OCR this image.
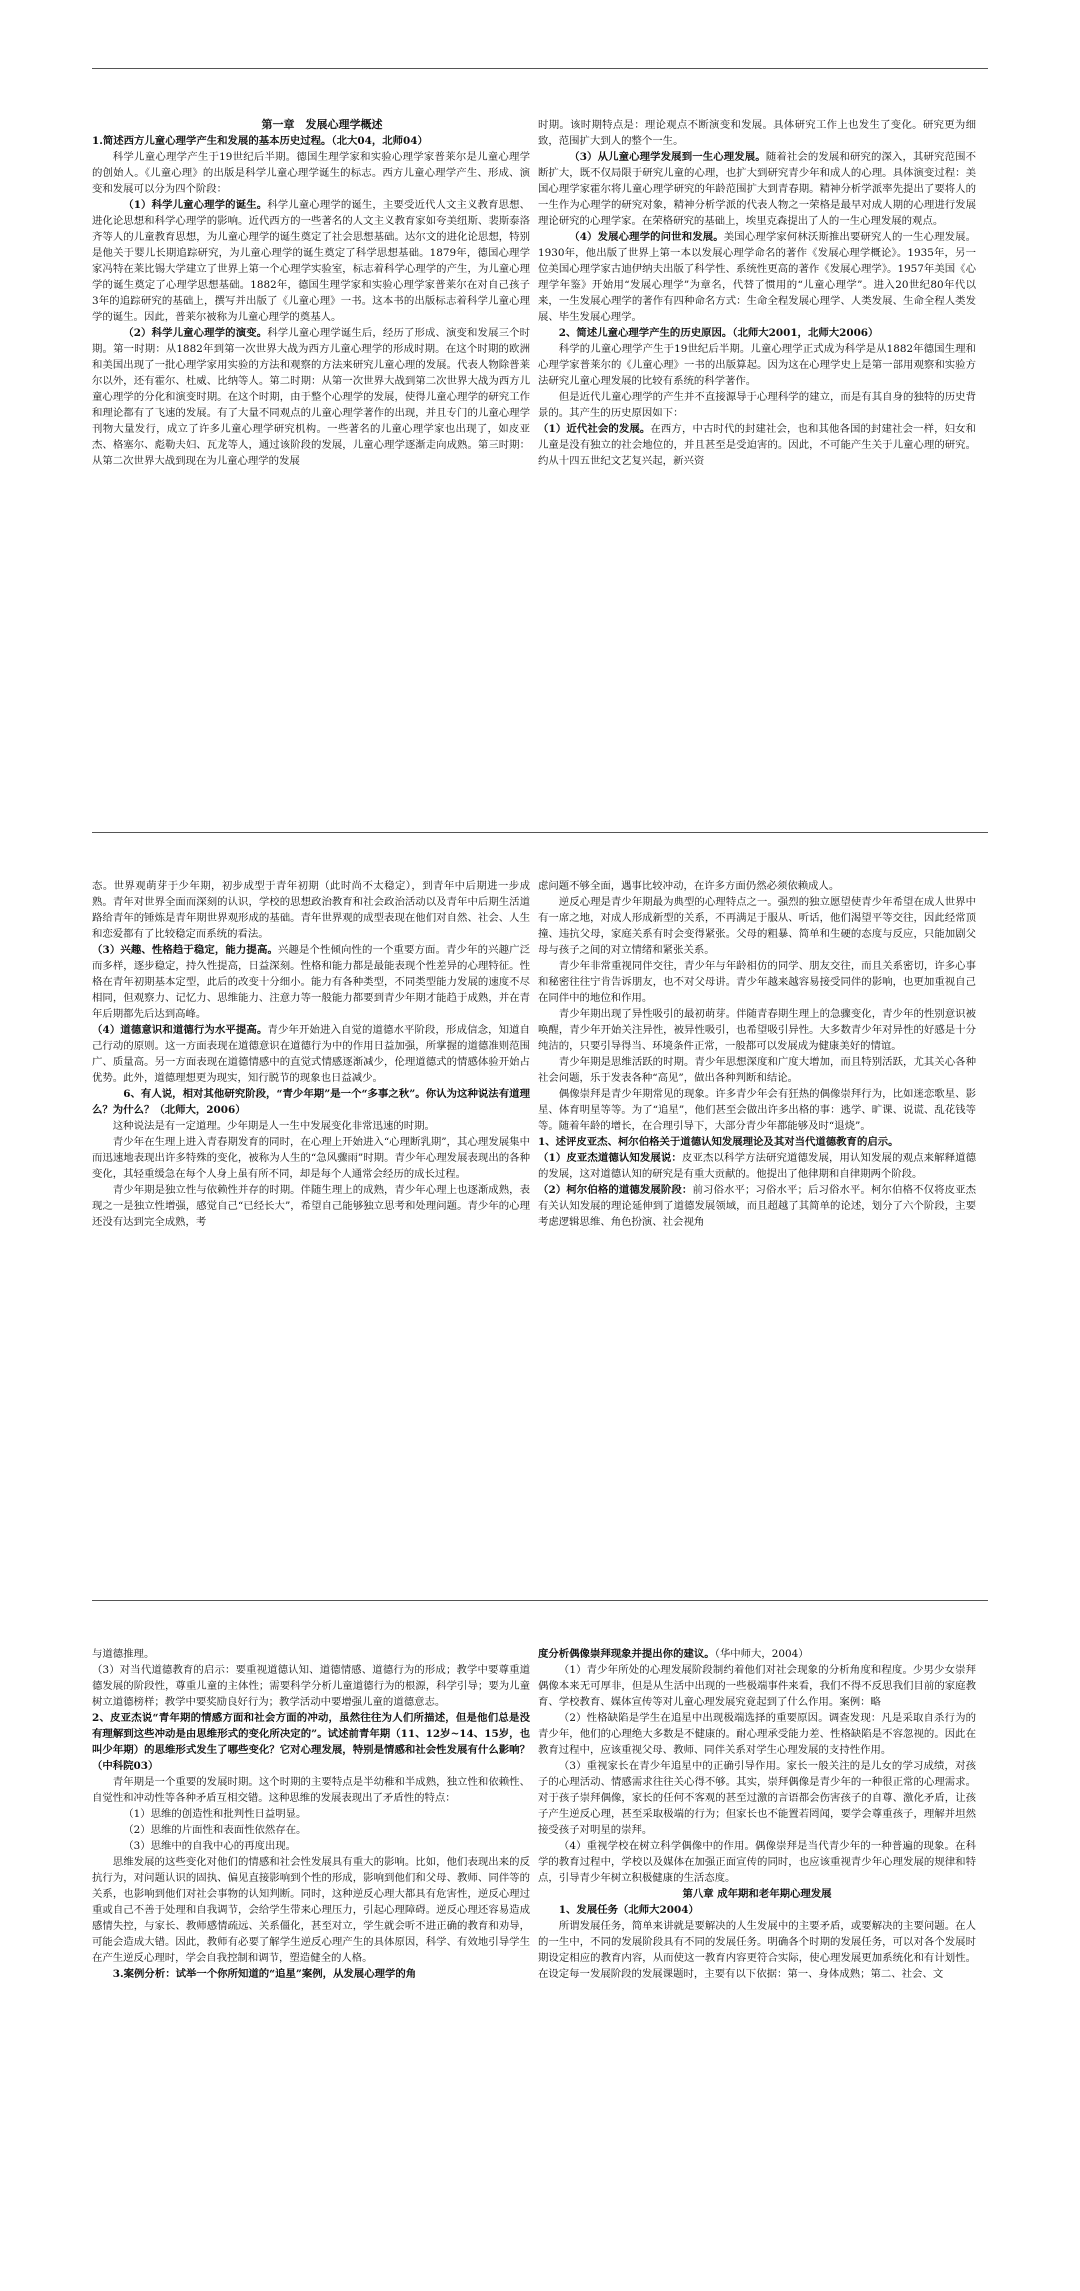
第一章　发展心理学概述

1.简述西方儿童心理学产生和发展的基本历史过程。（北大04，北师04）

科学儿童心理学产生于19世纪后半期。德国生理学家和实验心理学家普莱尔是儿童心理学的创始人。《儿童心理》的出版是科学儿童心理学诞生的标志。西方儿童心理学产生、形成、演变和发展可以分为四个阶段：

（1）科学儿童心理学的诞生。科学儿童心理学的诞生，主要受近代人文主义教育思想、进化论思想和科学心理学的影响。近代西方的一些著名的人文主义教育家如夸美纽斯、裴斯泰洛齐等人的儿童教育思想，为儿童心理学的诞生奠定了社会思想基础。达尔文的进化论思想，特别是他关于婴儿长期追踪研究，为儿童心理学的诞生奠定了科学思想基础。1879年，德国心理学家冯特在莱比锡大学建立了世界上第一个心理学实验室，标志着科学心理学的产生，为儿童心理学的诞生奠定了心理学思想基础。1882年，德国生理学家和实验心理学家普莱尔在对自己孩子3年的追踪研究的基础上，撰写并出版了《儿童心理》一书。这本书的出版标志着科学儿童心理学的诞生。因此，普莱尔被称为儿童心理学的奠基人。

（2）科学儿童心理学的演变。科学儿童心理学诞生后，经历了形成、演变和发展三个时期。第一时期：从1882年到第一次世界大战为西方儿童心理学的形成时期。在这个时期的欧洲和美国出现了一批心理学家用实验的方法和观察的方法来研究儿童心理的发展。代表人物除普莱尔以外，还有霍尔、杜威、比纳等人。第二时期：从第一次世界大战到第二次世界大战为西方儿童心理学的分化和演变时期。在这个时期，由于整个心理学的发展，使得儿童心理学的研究工作和理论都有了飞速的发展。有了大量不同观点的儿童心理学著作的出现，并且专门的儿童心理学刊物大量发行，成立了许多儿童心理学研究机构。一些著名的儿童心理学家也出现了，如皮亚杰、格塞尔、彪勒夫妇、瓦龙等人，通过该阶段的发展，儿童心理学逐渐走向成熟。第三时期：从第二次世界大战到现在为儿童心理学的发展

时期。该时期特点是：理论观点不断演变和发展。具体研究工作上也发生了变化。研究更为细致，范围扩大到人的整个一生。

（3）从儿童心理学发展到一生心理发展。随着社会的发展和研究的深入，其研究范围不断扩大，既不仅局限于研究儿童的心理，也扩大到研究青少年和成人的心理。具体演变过程：美国心理学家霍尔将儿童心理学研究的年龄范围扩大到青春期。精神分析学派率先提出了要将人的一生作为心理学的研究对象，精神分析学派的代表人物之一荣格是最早对成人期的心理进行发展理论研究的心理学家。在荣格研究的基础上，埃里克森提出了人的一生心理发展的观点。

（4）发展心理学的问世和发展。美国心理学家何林沃斯推出要研究人的一生心理发展。1930年，他出版了世界上第一本以发展心理学命名的著作《发展心理学概论》。1935年，另一位美国心理学家古迪伊纳夫出版了科学性、系统性更高的著作《发展心理学》。1957年美国《心理学年鉴》开始用“发展心理学”为章名，代替了惯用的“儿童心理学”。进入20世纪80年代以来，一生发展心理学的著作有四种命名方式：生命全程发展心理学、人类发展、生命全程人类发展、毕生发展心理学。

2、简述儿童心理学产生的历史原因。（北师大2001，北师大2006）

科学的儿童心理学产生于19世纪后半期。儿童心理学正式成为科学是从1882年德国生理和心理学家普莱尔的《儿童心理》一书的出版算起。因为这在心理学史上是第一部用观察和实验方法研究儿童心理发展的比较有系统的科学著作。

但是近代儿童心理学的产生并不直接源导于心理科学的建立，而是有其自身的独特的历史背景的。其产生的历史原因如下：

（1）近代社会的发展。在西方，中古时代的封建社会，也和其他各国的封建社会一样，妇女和儿童是没有独立的社会地位的，并且甚至是受迫害的。因此，不可能产生关于儿童心理的研究。约从十四五世纪文艺复兴起，新兴资

态。世界观萌芽于少年期，初步成型于青年初期（此时尚不太稳定），到青年中后期进一步成熟。青年对世界全面而深刻的认识，学校的思想政治教育和社会政治活动以及青年中后期生活道路给青年的锤炼是青年期世界观形成的基础。青年世界观的成型表现在他们对自然、社会、人生和恋爱都有了比较稳定而系统的看法。

（3）兴趣、性格趋于稳定，能力提高。兴趣是个性倾向性的一个重要方面。青少年的兴趣广泛而多样，逐步稳定，持久性提高，日益深刻。性格和能力都是最能表现个性差异的心理特征。性格在青年初期基本定型，此后的改变十分细小。能力有各种类型，不同类型能力发展的速度不尽相同，但观察力、记忆力、思维能力、注意力等一般能力都要到青少年期才能趋于成熟，并在青年后期都先后达到高峰。

（4）道德意识和道德行为水平提高。青少年开始进入自觉的道德水平阶段，形成信念，知道自己行动的原则。这一方面表现在道德意识在道德行为中的作用日益加强，所掌握的道德准则范围广、质量高。另一方面表现在道德情感中的直觉式情感逐渐减少，伦理道德式的情感体验开始占优势。此外，道德理想更为现实，知行脱节的现象也日益减少。

6、有人说，相对其他研究阶段，“青少年期”是一个“多事之秋”。你认为这种说法有道理么？为什么？（北师大，2006）

这种说法是有一定道理。少年期是人一生中发展变化非常迅速的时期。

青少年在生理上进入青春期发育的同时，在心理上开始进入“心理断乳期”，其心理发展集中而迅速地表现出许多特殊的变化，被称为人生的“急风骤雨”时期。青少年心理发展表现出的各种变化，其轻重缓急在每个人身上虽有所不同，却是每个人通常会经历的成长过程。

青少年期是独立性与依赖性并存的时期。伴随生理上的成熟，青少年心理上也逐渐成熟，表现之一是独立性增强，感觉自己“已经长大”，希望自己能够独立思考和处理问题。青少年的心理还没有达到完全成熟，考

虑问题不够全面，遇事比较冲动，在许多方面仍然必须依赖成人。

逆反心理是青少年期最为典型的心理特点之一。强烈的独立愿望使青少年希望在成人世界中有一席之地，对成人形成新型的关系，不再满足于服从、听话，他们渴望平等交往，因此经常顶撞、违抗父母，家庭关系有时会变得紧张。父母的粗暴、简单和生硬的态度与反应，只能加剧父母与孩子之间的对立情绪和紧张关系。

青少年非常重视同伴交往，青少年与年龄相仿的同学、朋友交往，而且关系密切，许多心事和秘密往往宁肯告诉朋友，也不对父母讲。青少年越来越容易接受同伴的影响，也更加重视自己在同伴中的地位和作用。

青少年期出现了异性吸引的最初萌芽。伴随青春期生理上的急骤变化，青少年的性别意识被唤醒，青少年开始关注异性，被异性吸引，也希望吸引异性。大多数青少年对异性的好感是十分纯洁的，只要引导得当、环境条件正常，一般都可以发展成为健康美好的情谊。

青少年期是思维活跃的时期。青少年思想深度和广度大增加，而且特别活跃，尤其关心各种社会问题，乐于发表各种“高见”，做出各种判断和结论。

偶像崇拜是青少年期常见的现象。许多青少年会有狂热的偶像崇拜行为，比如迷恋歌星、影星、体育明星等等。为了“追星”，他们甚至会做出许多出格的事：逃学、旷课、说谎、乱花钱等等。随着年龄的增长，在合理引导下，大部分青少年都能够及时“退烧”。

1、述评皮亚杰、柯尔伯格关于道德认知发展理论及其对当代道德教育的启示。

（1）皮亚杰道德认知发展说：皮亚杰以科学方法研究道德发展，用认知发展的观点来解释道德的发展，这对道德认知的研究是有重大贡献的。他提出了他律期和自律期两个阶段。

（2）柯尔伯格的道德发展阶段：前习俗水平；习俗水平；后习俗水平。柯尔伯格不仅将皮亚杰有关认知发展的理论延伸到了道德发展领域，而且超越了其简单的论述，划分了六个阶段，主要考虑逻辑思维、角色扮演、社会视角

与道德推理。

（3）对当代道德教育的启示：要重视道德认知、道德情感、道德行为的形成；教学中要尊重道德发展的阶段性，尊重儿童的主体性；需要科学分析儿童道德行为的根源，科学引导；要为儿童树立道德榜样；教学中要奖励良好行为；教学活动中要增强儿童的道德意志。

2、皮亚杰说“青年期的情感方面和社会方面的冲动，虽然往往为人们所描述，但是他们总是没有理解到这些冲动是由思维形式的变化所决定的”。试述前青年期（11、12岁~14、15岁，也叫少年期）的思维形式发生了哪些变化？它对心理发展，特别是情感和社会性发展有什么影响？（中科院03）

青年期是一个重要的发展时期。这个时期的主要特点是半幼稚和半成熟，独立性和依赖性、自觉性和冲动性等各种矛盾互相交错。这种思维的发展表现出了矛盾性的特点：

（1）思维的创造性和批判性日益明显。

（2）思维的片面性和表面性依然存在。

（3）思维中的自我中心的再度出现。

思维发展的这些变化对他们的情感和社会性发展具有重大的影响。比如，他们表现出来的反抗行为，对问题认识的固执、偏见直接影响到个性的形成，影响到他们和父母、教师、同伴等的关系，也影响到他们对社会事物的认知判断。同时，这种逆反心理大都具有危害性，逆反心理过重或自己不善于处理和自我调节，会给学生带来心理压力，引起心理障碍。逆反心理还容易造成感情失控，与家长、教师感情疏远、关系僵化，甚至对立，学生就会听不进正确的教育和劝导，可能会造成大错。因此，教师有必要了解学生逆反心理产生的具体原因，科学、有效地引导学生在产生逆反心理时，学会自我控制和调节，塑造健全的人格。

3.案例分析：试举一个你所知道的“追星”案例，从发展心理学的角

度分析偶像崇拜现象并提出你的建议。（华中师大，2004）

（1）青少年所处的心理发展阶段制约着他们对社会现象的分析角度和程度。少男少女崇拜偶像本来无可厚非，但是从生活中出现的一些极端事件来看，我们不得不反思我们目前的家庭教育、学校教育、媒体宣传等对儿童心理发展究竟起到了什么作用。案例：略

（2）性格缺陷是学生在追星中出现极端选择的重要原因。调查发现：凡是采取自杀行为的青少年，他们的心理绝大多数是不健康的。耐心理承受能力差、性格缺陷是不容忽视的。因此在教育过程中，应该重视父母、教师、同伴关系对学生心理发展的支持性作用。

（3）重视家长在青少年追星中的正确引导作用。家长一般关注的是儿女的学习成绩，对孩子的心理活动、情感需求往往关心得不够。其实，崇拜偶像是青少年的一种很正常的心理需求。对于孩子崇拜偶像，家长的任何不客观的甚至过激的言语都会伤害孩子的自尊、激化矛盾，让孩子产生逆反心理，甚至采取极端的行为；但家长也不能置若罔闻，要学会尊重孩子，理解并坦然接受孩子对明星的崇拜。

（4）重视学校在树立科学偶像中的作用。偶像崇拜是当代青少年的一种普遍的现象。在科学的教育过程中，学校以及媒体在加强正面宣传的同时，也应该重视青少年心理发展的规律和特点，引导青少年树立积极健康的生活态度。

第八章 成年期和老年期心理发展

1、发展任务（北师大2004）

所谓发展任务，简单来讲就是要解决的人生发展中的主要矛盾，或要解决的主要问题。在人的一生中，不同的发展阶段具有不同的发展任务。明确各个时期的发展任务，可以对各个发展时期设定相应的教育内容，从而使这一教育内容更符合实际，使心理发展更加系统化和有计划性。在设定每一发展阶段的发展课题时，主要有以下依据：第一、身体成熟；第二、社会、文
